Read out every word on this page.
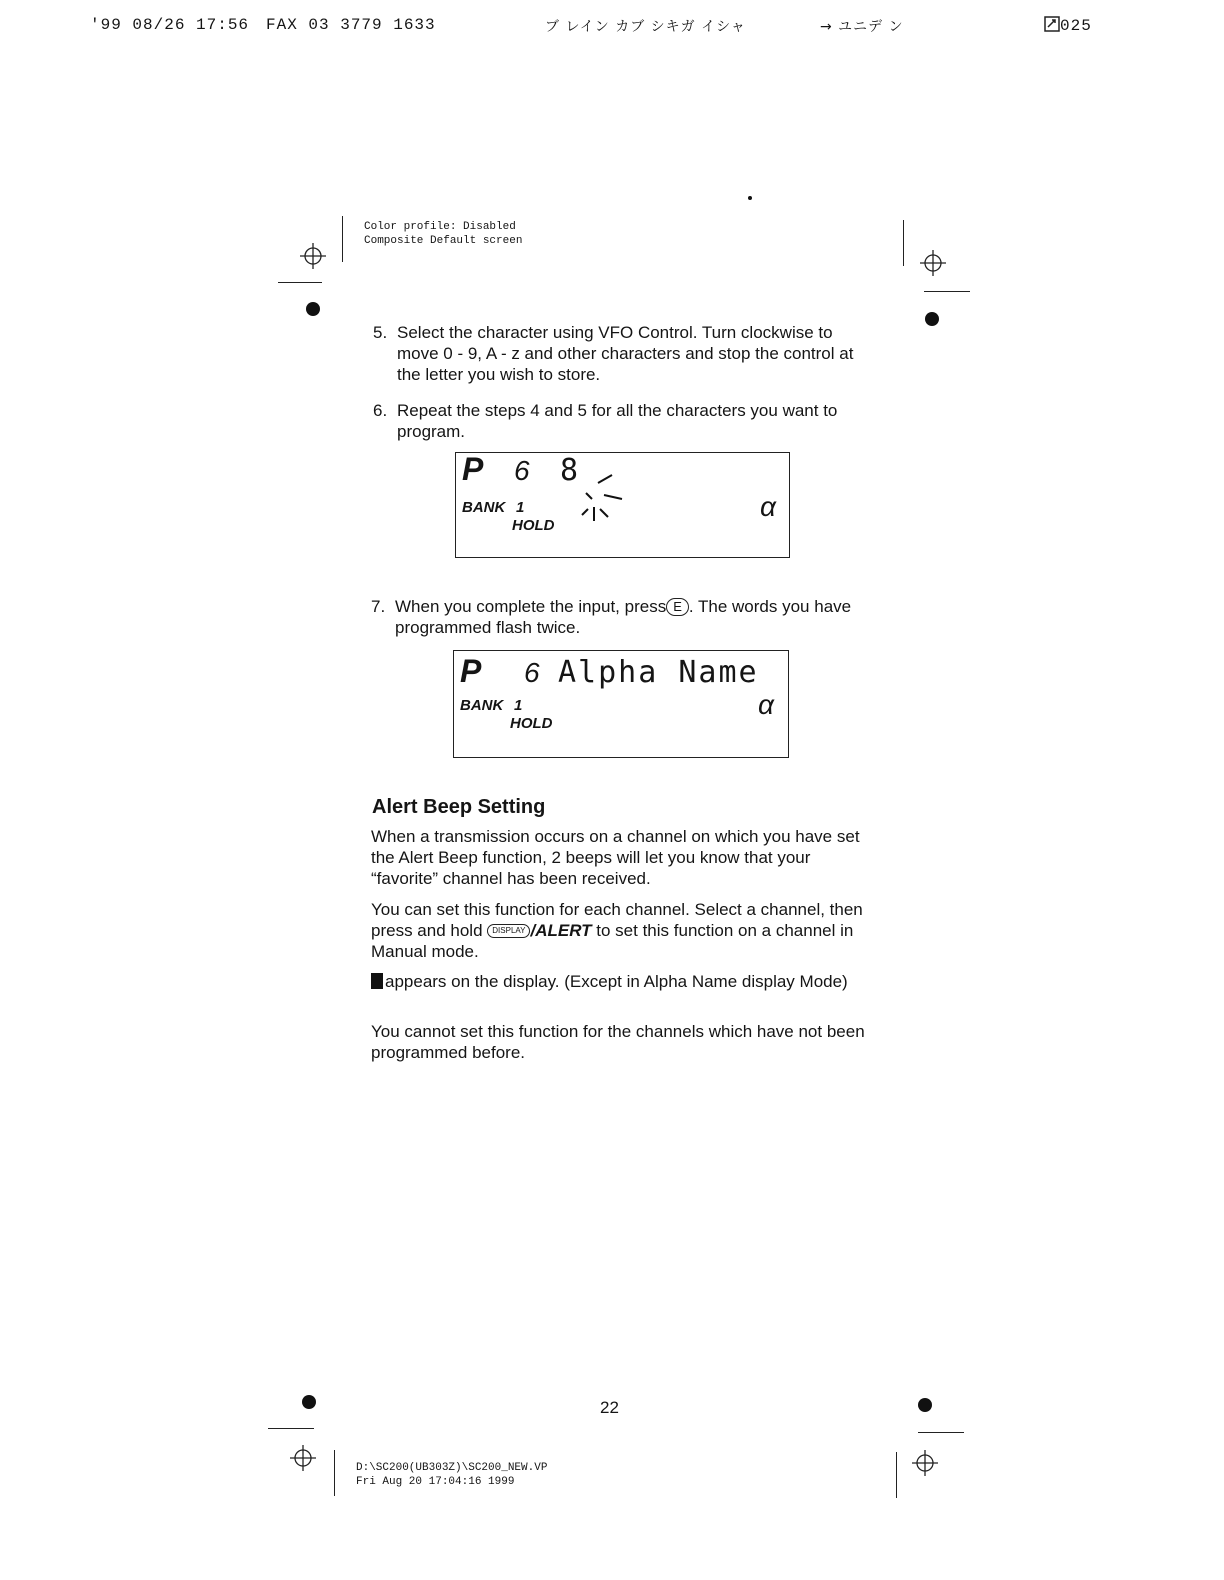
'99 08/26 17:56 FAX 03 3779 1633	ブ レイン カブ シキガ イシャ	→ ユニデ ン	025
Color profile: Disabled
Composite Default screen
5. Select the character using VFO Control. Turn clockwise to move 0 - 9, A - z and other characters and stop the control at the letter you wish to store.
6. Repeat the steps 4 and 5 for all the characters you want to program.
P 6 8
BANK 1
HOLD
α
7. When you complete the input, press E . The words you have programmed flash twice.
P 6 Alpha Name
BANK 1
HOLD
α
Alert Beep Setting
When a transmission occurs on a channel on which you have set the Alert Beep function, 2 beeps will let you know that your “favorite” channel has been received.
You can set this function for each channel. Select a channel, then press and hold DISPLAY /ALERT to set this function on a channel in Manual mode.
appears on the display. (Except in Alpha Name display Mode)
You cannot set this function for the channels which have not been programmed before.
22
D:\SC200(UB303Z)\SC200_NEW.VP
Fri Aug 20 17:04:16 1999
